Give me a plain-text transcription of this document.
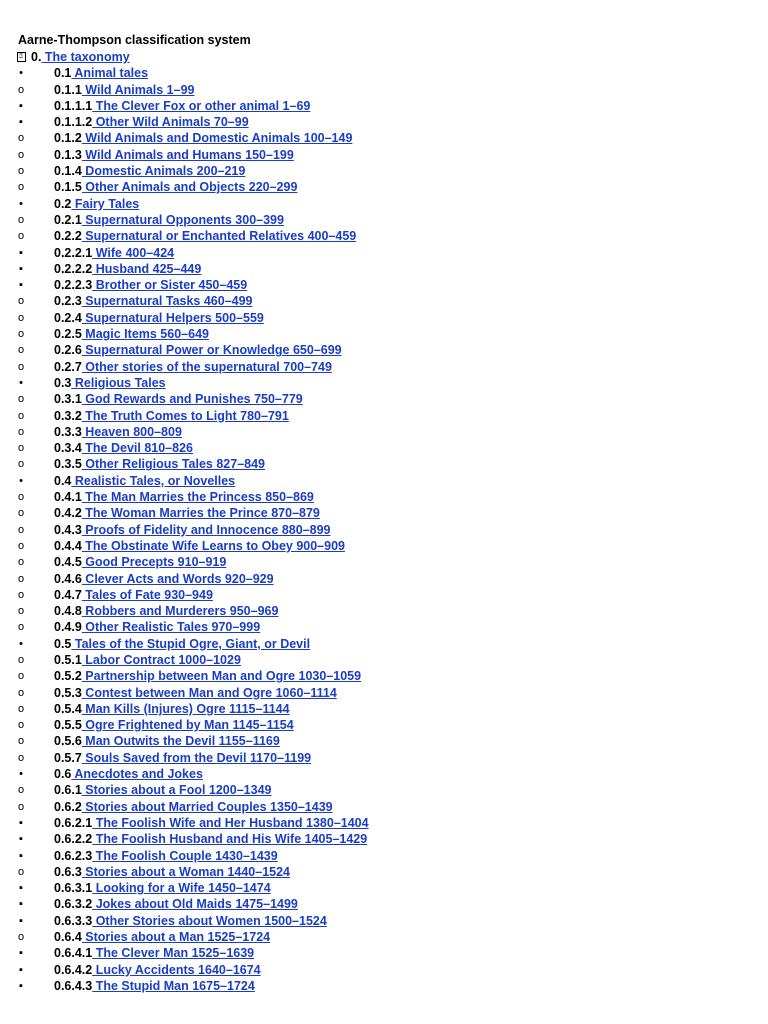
Aarne-Thompson classification system
⍰ 0. The taxonomy
•	0.1 Animal tales
o 0.1.1 Wild Animals 1–99
▪	0.1.1.1 The Clever Fox or other animal 1–69
▪	0.1.1.2 Other Wild Animals 70–99
o 0.1.2 Wild Animals and Domestic Animals 100–149
o 0.1.3 Wild Animals and Humans 150–199
o 0.1.4 Domestic Animals 200–219
o 0.1.5 Other Animals and Objects 220–299
•	0.2 Fairy Tales
o 0.2.1 Supernatural Opponents 300–399
o 0.2.2 Supernatural or Enchanted Relatives 400–459
▪	0.2.2.1 Wife 400–424
▪	0.2.2.2 Husband 425–449
▪	0.2.2.3 Brother or Sister 450–459
o 0.2.3 Supernatural Tasks 460–499
o 0.2.4 Supernatural Helpers 500–559
o 0.2.5 Magic Items 560–649
o 0.2.6 Supernatural Power or Knowledge 650–699
o 0.2.7 Other stories of the supernatural 700–749
•	0.3 Religious Tales
o 0.3.1 God Rewards and Punishes 750–779
o 0.3.2 The Truth Comes to Light 780–791
o 0.3.3 Heaven 800–809
o 0.3.4 The Devil 810–826
o 0.3.5 Other Religious Tales 827–849
•	0.4 Realistic Tales, or Novelles
o 0.4.1 The Man Marries the Princess 850–869
o 0.4.2 The Woman Marries the Prince 870–879
o 0.4.3 Proofs of Fidelity and Innocence 880–899
o 0.4.4 The Obstinate Wife Learns to Obey 900–909
o 0.4.5 Good Precepts 910–919
o 0.4.6 Clever Acts and Words 920–929
o 0.4.7 Tales of Fate 930–949
o 0.4.8 Robbers and Murderers 950–969
o 0.4.9 Other Realistic Tales 970–999
•	0.5 Tales of the Stupid Ogre, Giant, or Devil
o 0.5.1 Labor Contract 1000–1029
o 0.5.2 Partnership between Man and Ogre 1030–1059
o 0.5.3 Contest between Man and Ogre 1060–1114
o 0.5.4 Man Kills (Injures) Ogre 1115–1144
o 0.5.5 Ogre Frightened by Man 1145–1154
o 0.5.6 Man Outwits the Devil 1155–1169
o 0.5.7 Souls Saved from the Devil 1170–1199
•	0.6 Anecdotes and Jokes
o 0.6.1 Stories about a Fool 1200–1349
o 0.6.2 Stories about Married Couples 1350–1439
▪	0.6.2.1 The Foolish Wife and Her Husband 1380–1404
▪	0.6.2.2 The Foolish Husband and His Wife 1405–1429
▪	0.6.2.3 The Foolish Couple 1430–1439
o 0.6.3 Stories about a Woman 1440–1524
▪	0.6.3.1 Looking for a Wife 1450–1474
▪	0.6.3.2 Jokes about Old Maids 1475–1499
▪	0.6.3.3 Other Stories about Women 1500–1524
o 0.6.4 Stories about a Man 1525–1724
▪	0.6.4.1 The Clever Man 1525–1639
▪	0.6.4.2 Lucky Accidents 1640–1674
▪	0.6.4.3 The Stupid Man 1675–1724
